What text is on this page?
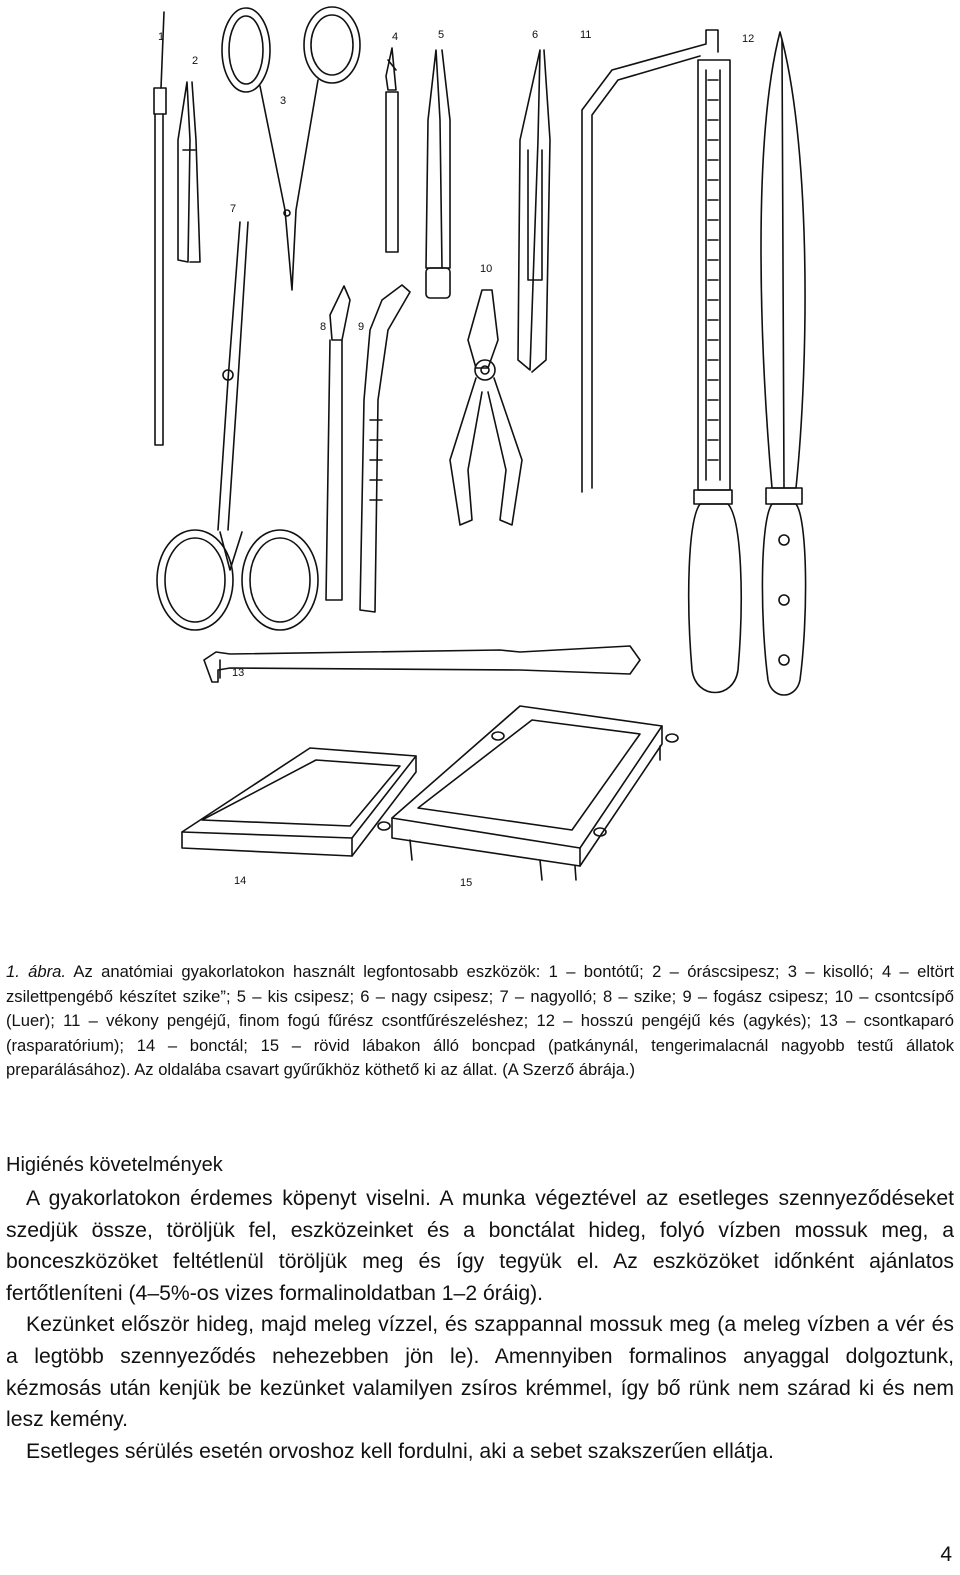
1
2
3
4	5	6
7
8	9
10
11	12
13
14	15
1. ábra. Az anatómiai gyakorlatokon használt legfontosabb eszközök: 1 – bontótű; 2 – óráscsipesz; 3 – kisolló; 4 – eltört zsilettpengébő készítet szike”; 5 – kis csipesz; 6 – nagy csipesz; 7 – nagyolló; 8 – szike; 9 – fogász csipesz; 10 – csontcsípő (Luer); 11 – vékony pengéjű, finom fogú fűrész csontfűrészeléshez; 12 – hosszú pengéjű kés (agykés); 13 – csontkaparó (rasparatórium); 14 – bonctál; 15 – rövid lábakon álló boncpad (patkánynál, tengerimalacnál nagyobb testű állatok preparálásához). Az oldalába csavart gyűrűkhöz köthető ki az állat. (A Szerző ábrája.)
Higiénés követelmények

A gyakorlatokon érdemes köpenyt viselni. A munka végeztével az esetleges szennyeződéseket szedjük össze, töröljük fel, eszközeinket és a bonctálat hideg, folyó vízben mossuk meg, a bonceszközöket feltétlenül töröljük meg és így tegyük el. Az eszközöket időnként ajánlatos fertőtleníteni (4–5%-os vizes formalinoldatban 1–2 óráig).

Kezünket először hideg, majd meleg vízzel, és szappannal mossuk meg (a meleg vízben a vér és a legtöbb szennyeződés nehezebben jön le). Amennyiben formalinos anyaggal dolgoztunk, kézmosás után kenjük be kezünket valamilyen zsíros krémmel, így bő rünk nem szárad ki és nem lesz kemény.

Esetleges sérülés esetén orvoshoz kell fordulni, aki a sebet szakszerűen ellátja.

4
